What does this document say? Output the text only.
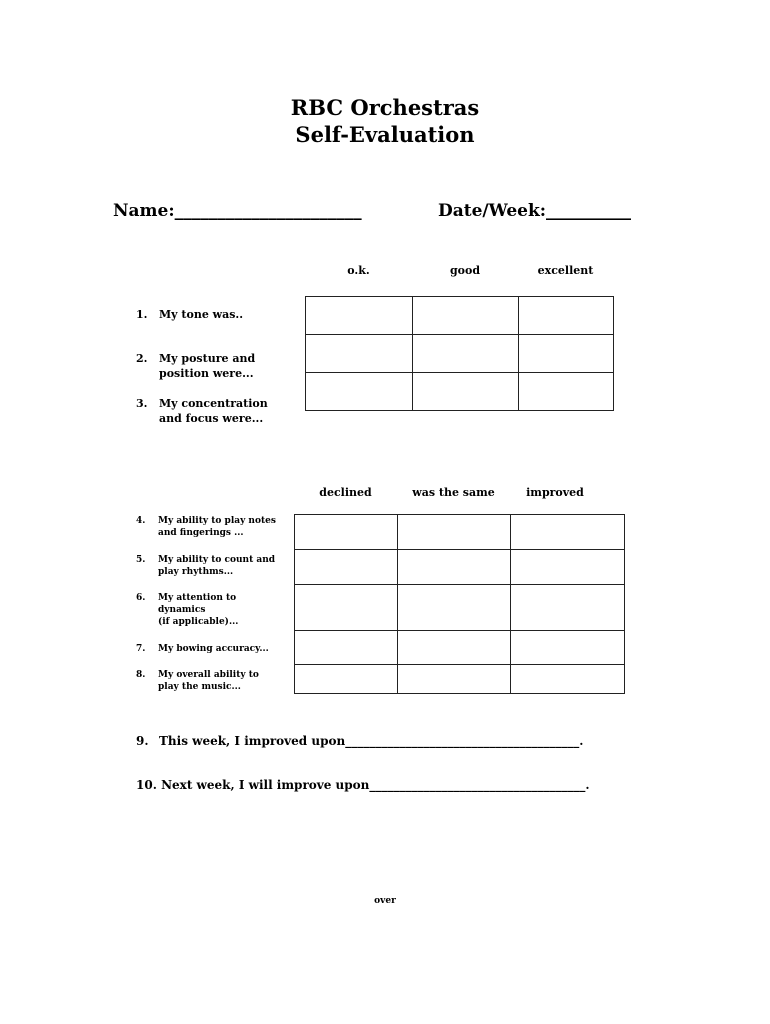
RBC Orchestras
Self-Evaluation
Name:______________________	Date/Week:__________
o.k.	good	excellent
1. My tone was..
2. My posture and
position were...
3. My concentration
and focus were...

declined	was the same	improved
4. My ability to play notes
and fingerings ...
5. My ability to count and
play rhythms...
6. My attention to
dynamics
(if applicable)...
7. My bowing accuracy...
8. My overall ability to
play the music...

9. This week, I improved upon_______________________________________.
10. Next week, I will improve upon____________________________________.
over
